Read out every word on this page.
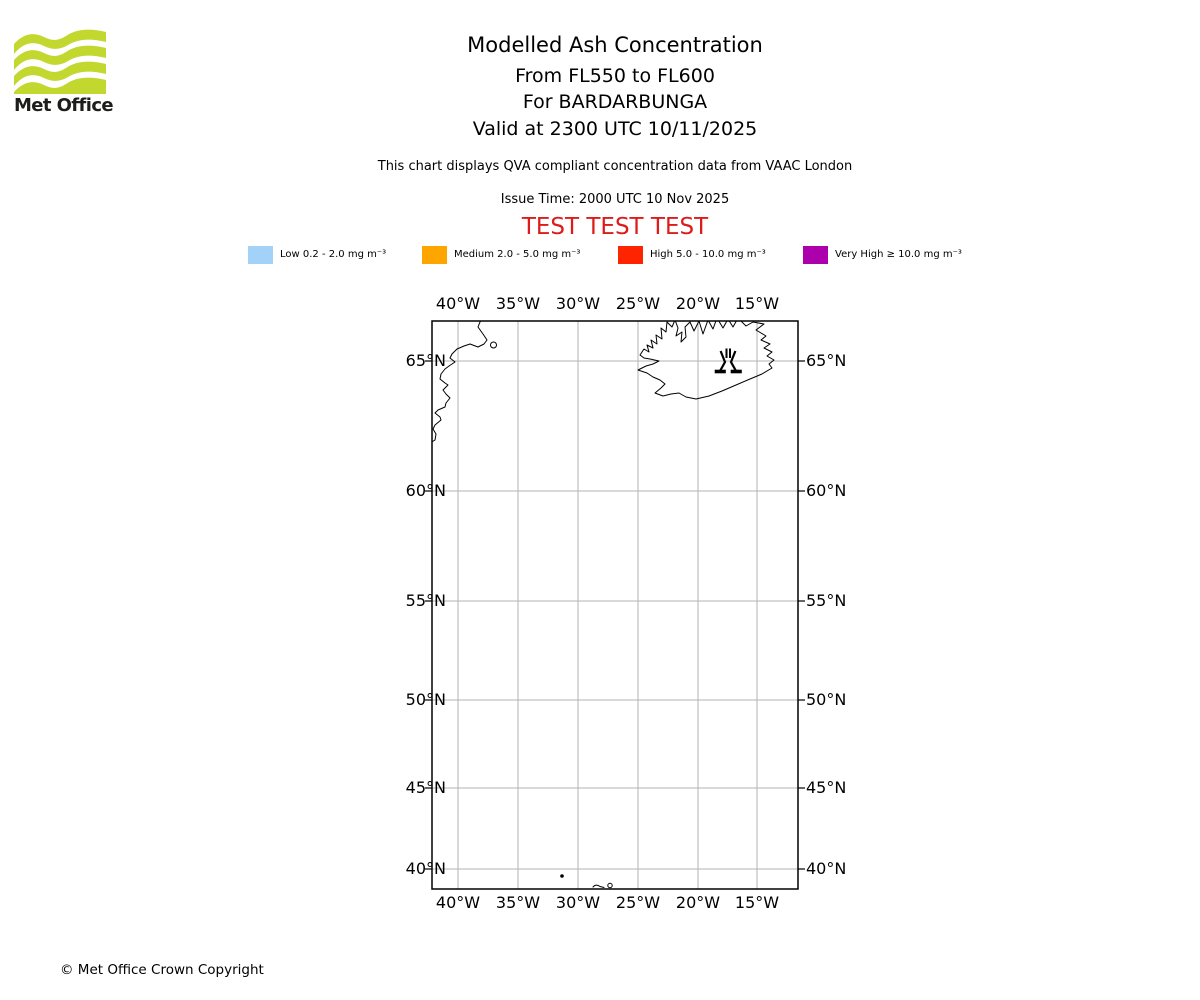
Met Office
Modelled Ash Concentration
From FL550 to FL600
For BARDARBUNGA
Valid at 2300 UTC 10/11/2025
This chart displays QVA compliant concentration data from VAAC London
Issue Time: 2000 UTC 10 Nov 2025
TEST TEST TEST
Low 0.2 - 2.0 mg m⁻³	Medium 2.0 - 5.0 mg m⁻³	High 5.0 - 10.0 mg m⁻³	Very High ≥ 10.0 mg m⁻³
40°W 35°W 30°W 25°W 20°W 15°W
40°W 35°W 30°W 25°W 20°W 15°W
65°N
60°N
55°N
50°N
45°N
40°N
65°N
60°N
55°N
50°N
45°N
40°N
© Met Office Crown Copyright
